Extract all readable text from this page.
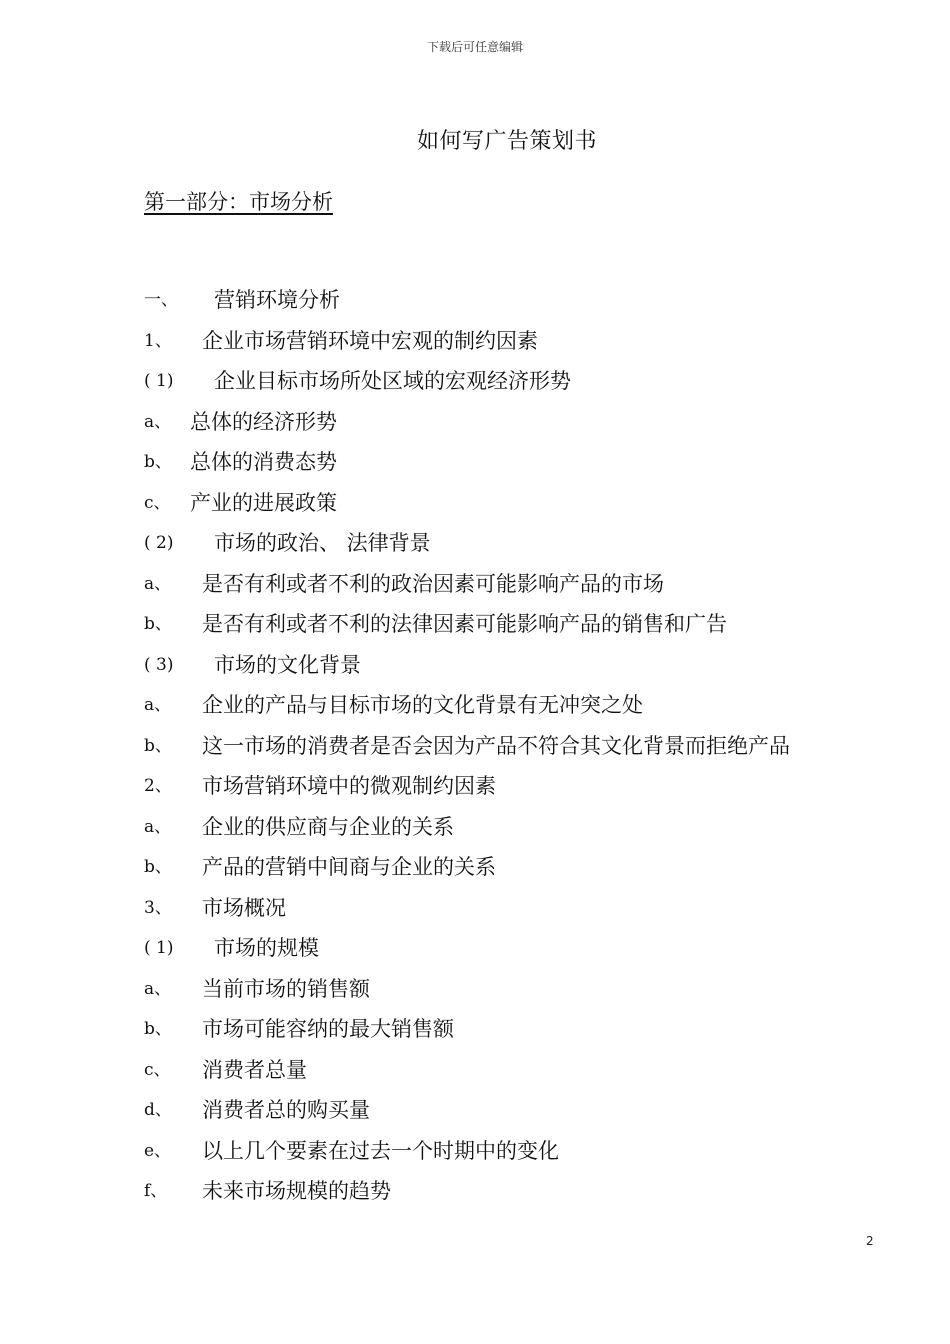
下载后可任意编辑
如何写广告策划书
第一部分：市场分析
一、	营销环境分析
1、	企业市场营销环境中宏观的制约因素
( 1)	企业目标市场所处区域的宏观经济形势
a、 总体的经济形势
b、 总体的消费态势
c、 产业的进展政策
( 2)	市场的政治、 法律背景
a、	是否有利或者不利的政治因素可能影响产品的市场
b、	是否有利或者不利的法律因素可能影响产品的销售和广告
( 3)	市场的文化背景
a、	企业的产品与目标市场的文化背景有无冲突之处
b、	这一市场的消费者是否会因为产品不符合其文化背景而拒绝产品
2、	市场营销环境中的微观制约因素
a、	企业的供应商与企业的关系
b、	产品的营销中间商与企业的关系
3、	市场概况
( 1)	市场的规模
a、	当前市场的销售额
b、	市场可能容纳的最大销售额
c、	消费者总量
d、	消费者总的购买量
e、	以上几个要素在过去一个时期中的变化
f、	未来市场规模的趋势
2
